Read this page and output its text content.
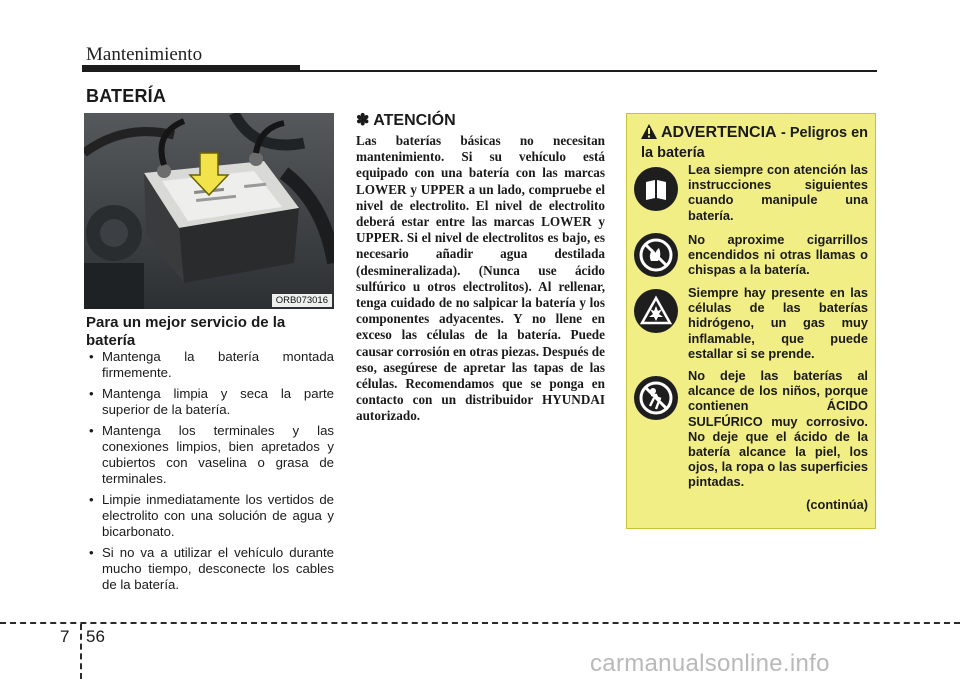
Mantenimiento
BATERÍA
ORB073016
Para un mejor servicio de la batería
• Mantenga la batería montada firmemente.
• Mantenga limpia y seca la parte superior de la batería.
• Mantenga los terminales y las conexiones limpios, bien apretados y cubiertos con vaselina o grasa de terminales.
• Limpie inmediatamente los vertidos de electrolito con una solución de agua y bicarbonato.
• Si no va a utilizar el vehículo durante mucho tiempo, desconecte los cables de la batería.
✽ ATENCIÓN

Las baterías básicas no necesitan mantenimiento. Si su vehículo está equipado con una batería con las marcas LOWER y UPPER a un lado, compruebe el nivel de electrolito. El nivel de electrolito deberá estar entre las marcas LOWER y UPPER. Si el nivel de electrolitos es bajo, es necesario añadir agua destilada (desmineralizada). (Nunca use ácido sulfúrico u otros electrolitos). Al rellenar, tenga cuidado de no salpicar la batería y los componentes adyacentes. Y no llene en exceso las células de la batería. Puede causar corrosión en otras piezas. Después de eso, asegúrese de apretar las tapas de las células. Recomendamos que se ponga en contacto con un distribuidor HYUNDAI autorizado.

ADVERTENCIA - Peligros en la batería

Lea siempre con atención las instrucciones siguientes cuando manipule una batería.

No aproxime cigarrillos encendidos ni otras llamas o chispas a la batería.

Siempre hay presente en las células de las baterías hidrógeno, un gas muy inflamable, que puede estallar si se prende.

No deje las baterías al alcance de los niños, porque contienen ÁCIDO SULFÚRICO muy corrosivo. No deje que el ácido de la batería alcance la piel, los ojos, la ropa o las superficies pintadas.

(continúa)
7 56
carmanualsonline.info
